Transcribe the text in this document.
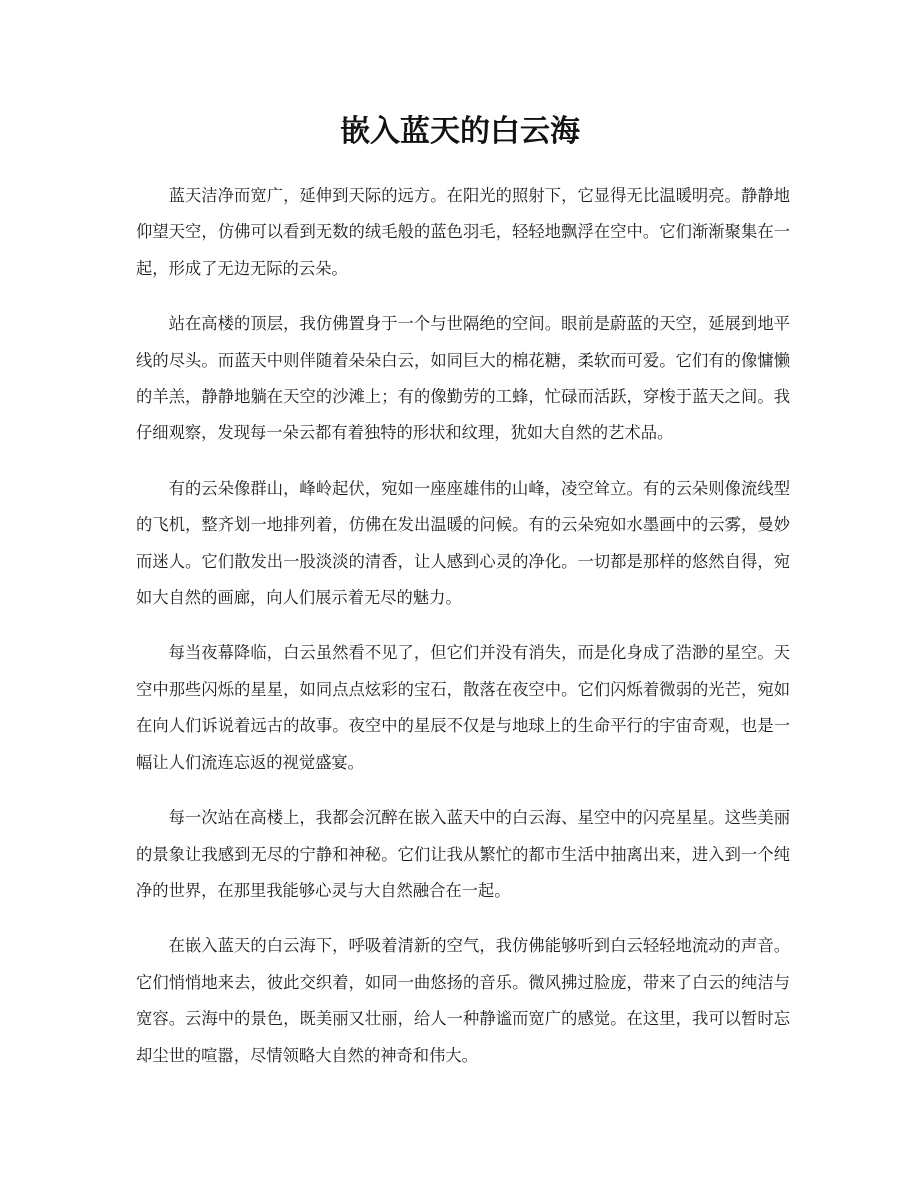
嵌入蓝天的白云海

蓝天洁净而宽广，延伸到天际的远方。在阳光的照射下，它显得无比温暖明亮。静静地仰望天空，仿佛可以看到无数的绒毛般的蓝色羽毛，轻轻地飘浮在空中。它们渐渐聚集在一起，形成了无边无际的云朵。

站在高楼的顶层，我仿佛置身于一个与世隔绝的空间。眼前是蔚蓝的天空，延展到地平线的尽头。而蓝天中则伴随着朵朵白云，如同巨大的棉花糖，柔软而可爱。它们有的像慵懒的羊羔，静静地躺在天空的沙滩上；有的像勤劳的工蜂，忙碌而活跃，穿梭于蓝天之间。我仔细观察，发现每一朵云都有着独特的形状和纹理，犹如大自然的艺术品。

有的云朵像群山，峰岭起伏，宛如一座座雄伟的山峰，凌空耸立。有的云朵则像流线型的飞机，整齐划一地排列着，仿佛在发出温暖的问候。有的云朵宛如水墨画中的云雾，曼妙而迷人。它们散发出一股淡淡的清香，让人感到心灵的净化。一切都是那样的悠然自得，宛如大自然的画廊，向人们展示着无尽的魅力。

每当夜幕降临，白云虽然看不见了，但它们并没有消失，而是化身成了浩渺的星空。天空中那些闪烁的星星，如同点点炫彩的宝石，散落在夜空中。它们闪烁着微弱的光芒，宛如在向人们诉说着远古的故事。夜空中的星辰不仅是与地球上的生命平行的宇宙奇观，也是一幅让人们流连忘返的视觉盛宴。

每一次站在高楼上，我都会沉醉在嵌入蓝天中的白云海、星空中的闪亮星星。这些美丽的景象让我感到无尽的宁静和神秘。它们让我从繁忙的都市生活中抽离出来，进入到一个纯净的世界，在那里我能够心灵与大自然融合在一起。

在嵌入蓝天的白云海下，呼吸着清新的空气，我仿佛能够听到白云轻轻地流动的声音。它们悄悄地来去，彼此交织着，如同一曲悠扬的音乐。微风拂过脸庞，带来了白云的纯洁与宽容。云海中的景色，既美丽又壮丽，给人一种静谧而宽广的感觉。在这里，我可以暂时忘却尘世的喧嚣，尽情领略大自然的神奇和伟大。
